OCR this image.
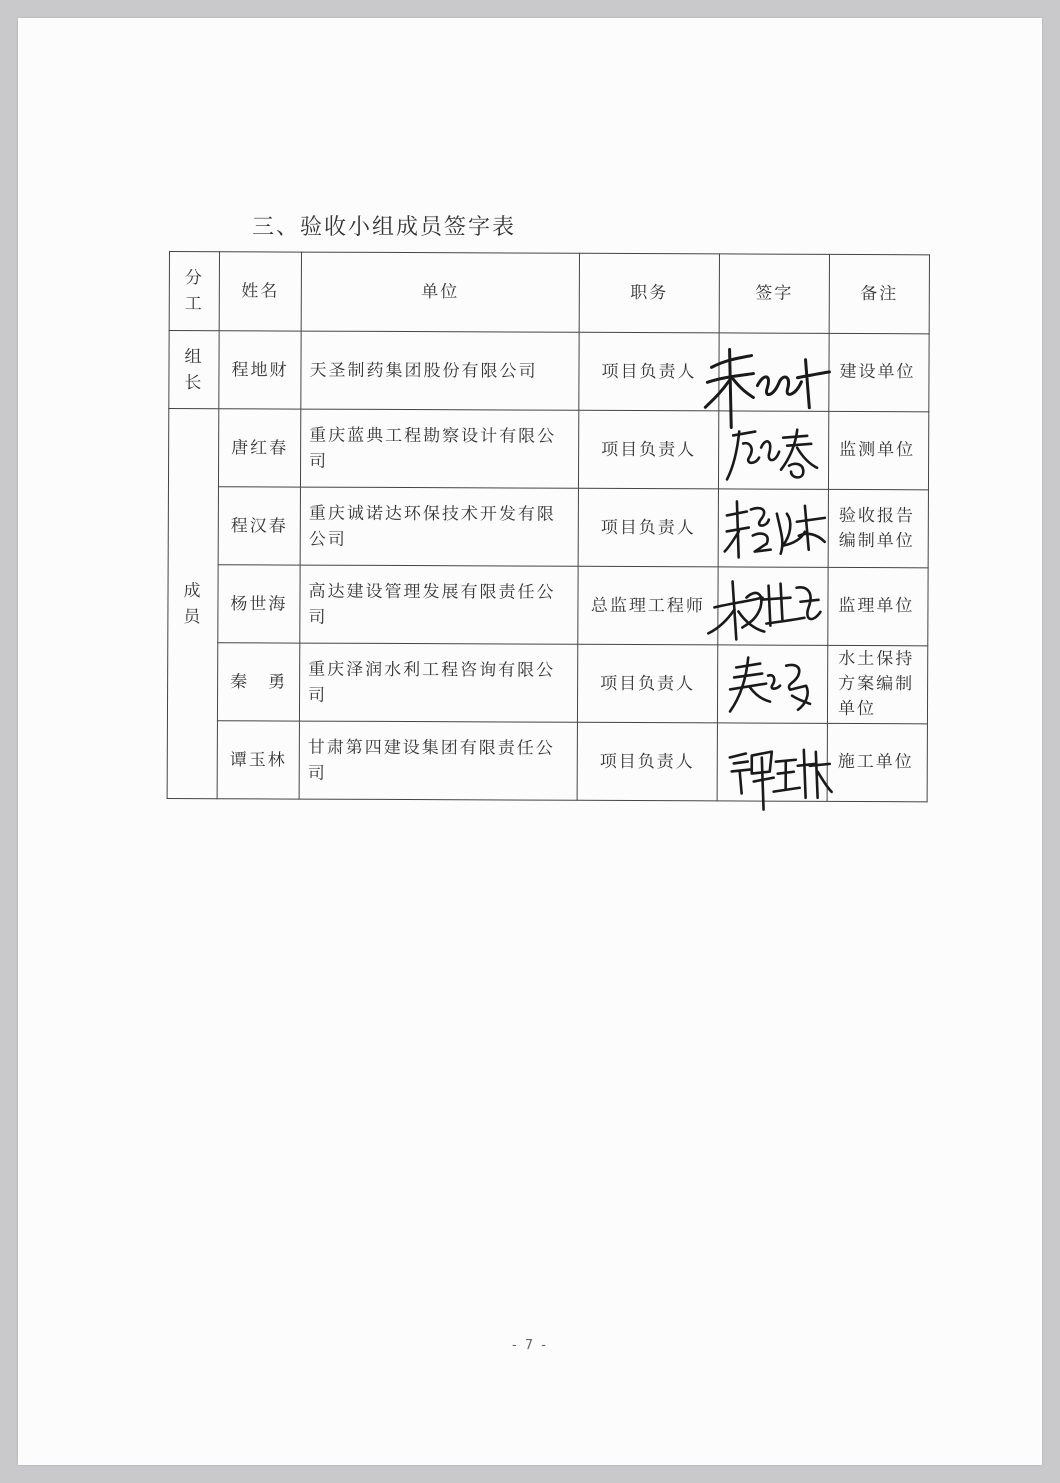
三、验收小组成员签字表
分工	姓名	单位	职务	签字	备注
组长	程地财	天圣制药集团股份有限公司	项目负责人		建设单位
成员	唐红春	重庆蓝典工程勘察设计有限公司	项目负责人		监测单位
	程汉春	重庆诚诺达环保技术开发有限公司	项目负责人		验收报告编制单位
	杨世海	高达建设管理发展有限责任公司	总监理工程师		监理单位
	秦　勇	重庆泽润水利工程咨询有限公司	项目负责人		水土保持方案编制单位
	谭玉林	甘肃第四建设集团有限责任公司	项目负责人		施工单位
- 7 -
